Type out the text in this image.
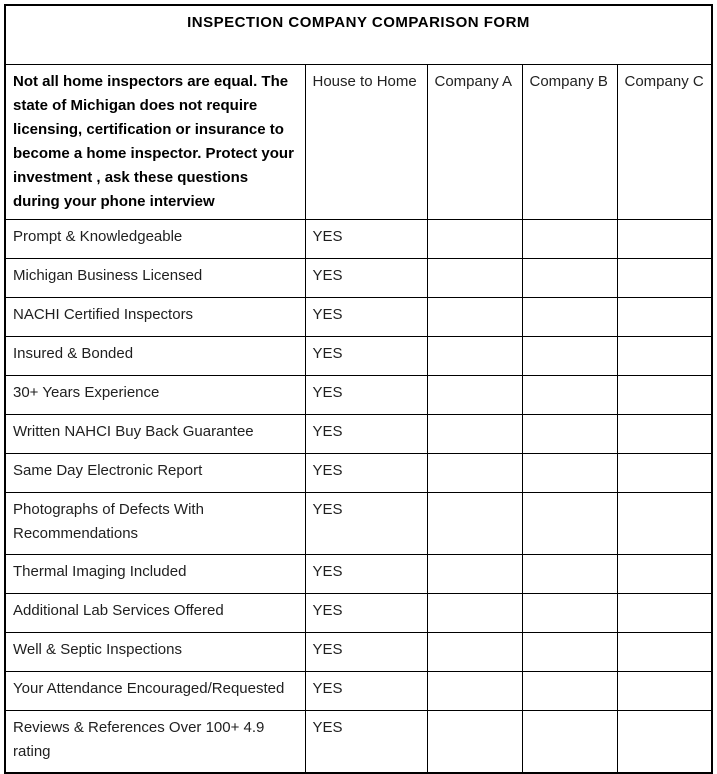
INSPECTION COMPANY COMPARISON FORM				
Not all home inspectors are equal. The state of Michigan does not require licensing, certification or insurance to become a home inspector. Protect your investment , ask these questions during your phone interview	House to Home	Company A	Company B	Company C
Prompt & Knowledgeable	YES			
Michigan Business Licensed	YES			
NACHI Certified Inspectors	YES			
Insured & Bonded	YES			
30+ Years Experience	YES			
Written NAHCI Buy Back Guarantee	YES			
Same Day Electronic Report	YES			
Photographs of Defects With Recommendations	YES			
Thermal Imaging Included	YES			
Additional Lab Services Offered	YES			
Well & Septic Inspections	YES			
Your Attendance Encouraged/Requested	YES			
Reviews & References Over 100+ 4.9 rating	YES			
